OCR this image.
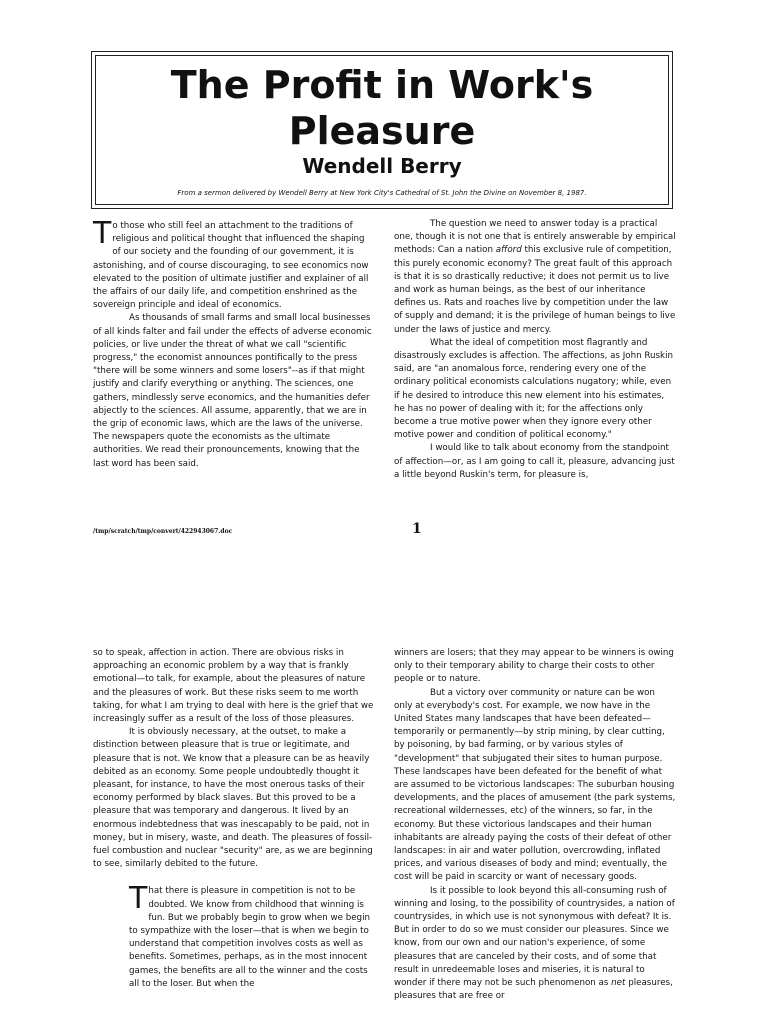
The Profit in Work's Pleasure
Wendell Berry
From a sermon delivered by Wendell Berry at New York City's Cathedral of St. John the Divine on November 8, 1987.

To those who still feel an attachment to the traditions of religious and political thought that influenced the shaping of our society and the founding of our government, it is astonishing, and of course discouraging, to see economics now elevated to the position of ultimate justifier and explainer of all the affairs of our daily life, and competition enshrined as the sovereign principle and ideal of economics.

As thousands of small farms and small local businesses of all kinds falter and fail under the effects of adverse economic policies, or live under the threat of what we call "scientific progress," the economist announces pontifically to the press "there will be some winners and some losers"--as if that might justify and clarify everything or anything. The sciences, one gathers, mindlessly serve economics, and the humanities defer abjectly to the sciences. All assume, apparently, that we are in the grip of economic laws, which are the laws of the universe. The newspapers quote the economists as the ultimate authorities. We read their pronouncements, knowing that the last word has been said.

The question we need to answer today is a practical one, though it is not one that is entirely answerable by empirical methods: Can a nation afford this exclusive rule of competition, this purely economic economy? The great fault of this approach is that it is so drastically reductive; it does not permit us to live and work as human beings, as the best of our inheritance defines us. Rats and roaches live by competition under the law of supply and demand; it is the privilege of human beings to live under the laws of justice and mercy.

What the ideal of competition most flagrantly and disastrously excludes is affection. The affections, as John Ruskin said, are "an anomalous force, rendering every one of the ordinary political economists calculations nugatory; while, even if he desired to introduce this new element into his estimates, he has no power of dealing with it; for the affections only become a true motive power when they ignore every other motive power and condition of political economy."

I would like to talk about economy from the standpoint of affection—or, as I am going to call it, pleasure, advancing just a little beyond Ruskin's term, for pleasure is,

/tmp/scratch/tmp/convert/422943067.doc	1

so to speak, affection in action. There are obvious risks in approaching an economic problem by a way that is frankly emotional—to talk, for example, about the pleasures of nature and the pleasures of work. But these risks seem to me worth taking, for what I am trying to deal with here is the grief that we increasingly suffer as a result of the loss of those pleasures.

It is obviously necessary, at the outset, to make a distinction between pleasure that is true or legitimate, and pleasure that is not. We know that a pleasure can be as heavily debited as an economy. Some people undoubtedly thought it pleasant, for instance, to have the most onerous tasks of their economy performed by black slaves. But this proved to be a pleasure that was temporary and dangerous. It lived by an enormous indebtedness that was inescapably to be paid, not in money, but in misery, waste, and death. The pleasures of fossil-fuel combustion and nuclear "security" are, as we are beginning to see, similarly debited to the future.

That there is pleasure in competition is not to be doubted. We know from childhood that winning is fun. But we probably begin to grow when we begin to sympathize with the loser—that is when we begin to understand that competition involves costs as well as benefits. Sometimes, perhaps, as in the most innocent games, the benefits are all to the winner and the costs all to the loser. But when the

winners are losers; that they may appear to be winners is owing only to their temporary ability to charge their costs to other people or to nature.

But a victory over community or nature can be won only at everybody's cost. For example, we now have in the United States many landscapes that have been defeated—temporarily or permanently—by strip mining, by clear cutting, by poisoning, by bad farming, or by various styles of "development" that subjugated their sites to human purpose. These landscapes have been defeated for the benefit of what are assumed to be victorious landscapes: The suburban housing developments, and the places of amusement (the park systems, recreational wildernesses, etc) of the winners, so far, in the economy. But these victorious landscapes and their human inhabitants are already paying the costs of their defeat of other landscapes: in air and water pollution, overcrowding, inflated prices, and various diseases of body and mind; eventually, the cost will be paid in scarcity or want of necessary goods.

Is it possible to look beyond this all-consuming rush of winning and losing, to the possibility of countrysides, a nation of countrysides, in which use is not synonymous with defeat? It is. But in order to do so we must consider our pleasures. Since we know, from our own and our nation's experience, of some pleasures that are canceled by their costs, and of some that result in unredeemable loses and miseries, it is natural to wonder if there may not be such phenomenon as net pleasures, pleasures that are free or
